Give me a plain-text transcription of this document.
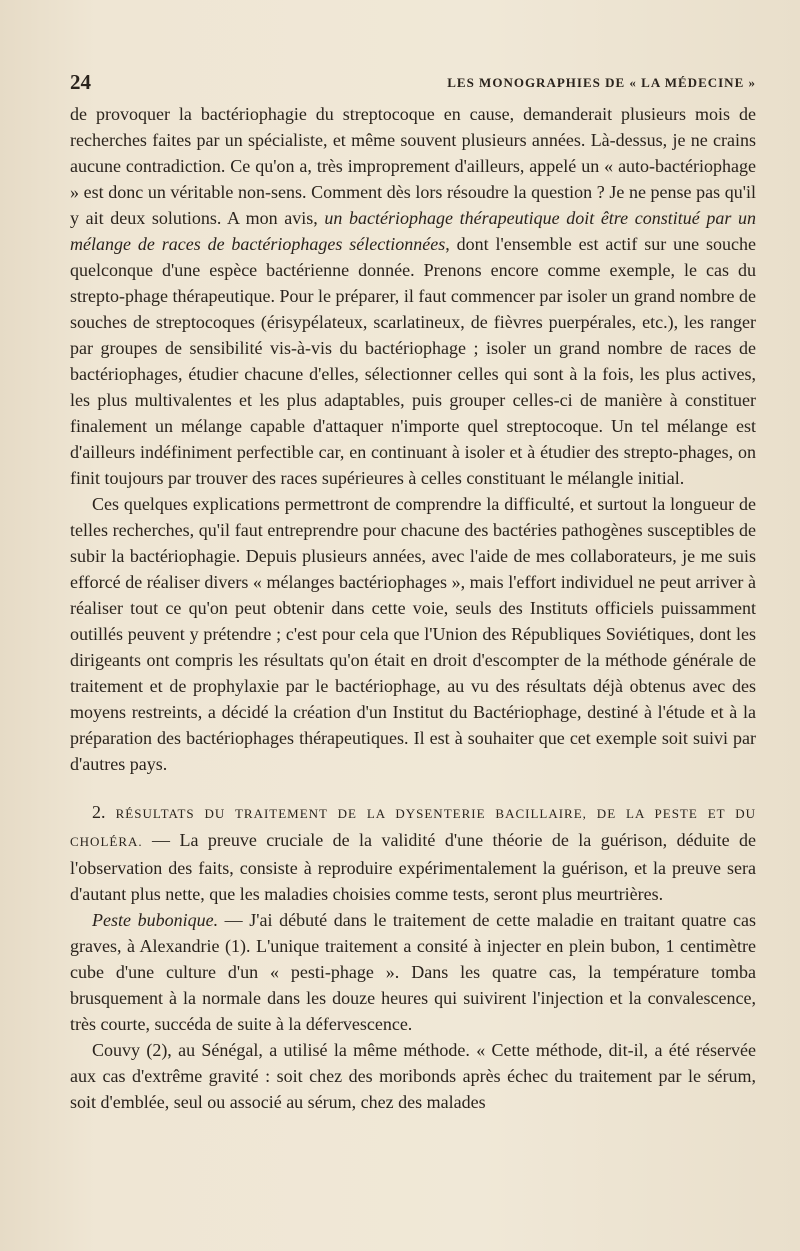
24	LES MONOGRAPHIES DE « LA MÉDECINE »

de provoquer la bactériophagie du streptocoque en cause, demanderait plusieurs mois de recherches faites par un spécialiste, et même souvent plusieurs années. Là-dessus, je ne crains aucune contradiction. Ce qu'on a, très improprement d'ailleurs, appelé un « auto-bactériophage » est donc un véritable non-sens. Comment dès lors résoudre la question ? Je ne pense pas qu'il y ait deux solutions. A mon avis, un bactériophage thérapeutique doit être constitué par un mélange de races de bactériophages sélectionnées, dont l'ensemble est actif sur une souche quelconque d'une espèce bactérienne donnée. Prenons encore comme exemple, le cas du strepto-phage thérapeutique. Pour le préparer, il faut commencer par isoler un grand nombre de souches de streptocoques (érisypélateux, scarlatineux, de fièvres puerpérales, etc.), les ranger par groupes de sensibilité vis-à-vis du bactériophage ; isoler un grand nombre de races de bactériophages, étudier chacune d'elles, sélectionner celles qui sont à la fois, les plus actives, les plus multivalentes et les plus adaptables, puis grouper celles-ci de manière à constituer finalement un mélange capable d'attaquer n'importe quel streptocoque. Un tel mélange est d'ailleurs indéfiniment perfectible car, en continuant à isoler et à étudier des strepto-phages, on finit toujours par trouver des races supérieures à celles constituant le mélangle initial.

Ces quelques explications permettront de comprendre la difficulté, et surtout la longueur de telles recherches, qu'il faut entreprendre pour chacune des bactéries pathogènes susceptibles de subir la bactériophagie. Depuis plusieurs années, avec l'aide de mes collaborateurs, je me suis efforcé de réaliser divers « mélanges bactériophages », mais l'effort individuel ne peut arriver à réaliser tout ce qu'on peut obtenir dans cette voie, seuls des Instituts officiels puissamment outillés peuvent y prétendre ; c'est pour cela que l'Union des Républiques Soviétiques, dont les dirigeants ont compris les résultats qu'on était en droit d'escompter de la méthode générale de traitement et de prophylaxie par le bactériophage, au vu des résultats déjà obtenus avec des moyens restreints, a décidé la création d'un Institut du Bactériophage, destiné à l'étude et à la préparation des bactériophages thérapeutiques. Il est à souhaiter que cet exemple soit suivi par d'autres pays.

2. RÉSULTATS DU TRAITEMENT DE LA DYSENTERIE BACILLAIRE, DE LA PESTE ET DU CHOLÉRA. — La preuve cruciale de la validité d'une théorie de la guérison, déduite de l'observation des faits, consiste à reproduire expérimentalement la guérison, et la preuve sera d'autant plus nette, que les maladies choisies comme tests, seront plus meurtrières.

Peste bubonique. — J'ai débuté dans le traitement de cette maladie en traitant quatre cas graves, à Alexandrie (1). L'unique traitement a consité à injecter en plein bubon, 1 centimètre cube d'une culture d'un « pesti-phage ». Dans les quatre cas, la température tomba brusquement à la normale dans les douze heures qui suivirent l'injection et la convalescence, très courte, succéda de suite à la défervescence.

Couvy (2), au Sénégal, a utilisé la même méthode. « Cette méthode, dit-il, a été réservée aux cas d'extrême gravité : soit chez des moribonds après échec du traitement par le sérum, soit d'emblée, seul ou associé au sérum, chez des malades
